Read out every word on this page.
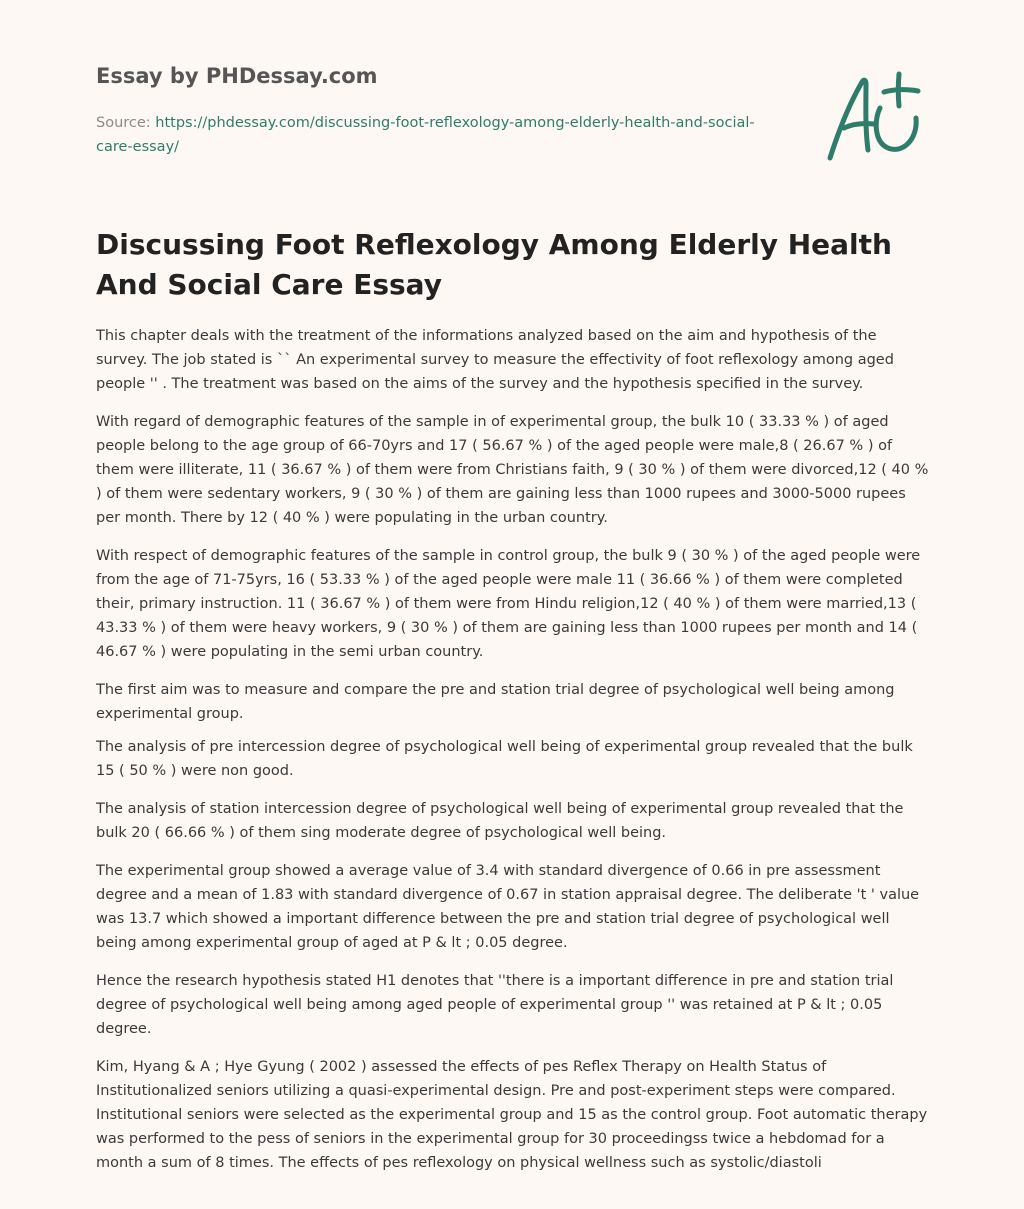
Essay by PHDessay.com

Source: https://phdessay.com/discussing-foot-reflexology-among-elderly-health-and-social-care-essay/

Discussing Foot Reflexology Among Elderly Health And Social Care Essay

This chapter deals with the treatment of the informations analyzed based on the aim and hypothesis of the survey. The job stated is `` An experimental survey to measure the effectivity of foot reflexology among aged people '' . The treatment was based on the aims of the survey and the hypothesis specified in the survey.

With regard of demographic features of the sample in of experimental group, the bulk 10 ( 33.33 % ) of aged people belong to the age group of 66-70yrs and 17 ( 56.67 % ) of the aged people were male,8 ( 26.67 % ) of them were illiterate, 11 ( 36.67 % ) of them were from Christians faith, 9 ( 30 % ) of them were divorced,12 ( 40 % ) of them were sedentary workers, 9 ( 30 % ) of them are gaining less than 1000 rupees and 3000-5000 rupees per month. There by 12 ( 40 % ) were populating in the urban country.

With respect of demographic features of the sample in control group, the bulk 9 ( 30 % ) of the aged people were from the age of 71-75yrs, 16 ( 53.33 % ) of the aged people were male 11 ( 36.66 % ) of them were completed their, primary instruction. 11 ( 36.67 % ) of them were from Hindu religion,12 ( 40 % ) of them were married,13 ( 43.33 % ) of them were heavy workers, 9 ( 30 % ) of them are gaining less than 1000 rupees per month and 14 ( 46.67 % ) were populating in the semi urban country.

The first aim was to measure and compare the pre and station trial degree of psychological well being among experimental group.

The analysis of pre intercession degree of psychological well being of experimental group revealed that the bulk 15 ( 50 % ) were non good.

The analysis of station intercession degree of psychological well being of experimental group revealed that the bulk 20 ( 66.66 % ) of them sing moderate degree of psychological well being.

The experimental group showed a average value of 3.4 with standard divergence of 0.66 in pre assessment degree and a mean of 1.83 with standard divergence of 0.67 in station appraisal degree. The deliberate 't ' value was 13.7 which showed a important difference between the pre and station trial degree of psychological well being among experimental group of aged at P & lt ; 0.05 degree.

Hence the research hypothesis stated H1 denotes that ''there is a important difference in pre and station trial degree of psychological well being among aged people of experimental group '' was retained at P & lt ; 0.05 degree.

Kim, Hyang & A ; Hye Gyung ( 2002 ) assessed the effects of pes Reflex Therapy on Health Status of Institutionalized seniors utilizing a quasi-experimental design. Pre and post-experiment steps were compared. Institutional seniors were selected as the experimental group and 15 as the control group. Foot automatic therapy was performed to the pess of seniors in the experimental group for 30 proceedingss twice a hebdomad for a month a sum of 8 times. The effects of pes reflexology on physical wellness such as systolic/diastoli
